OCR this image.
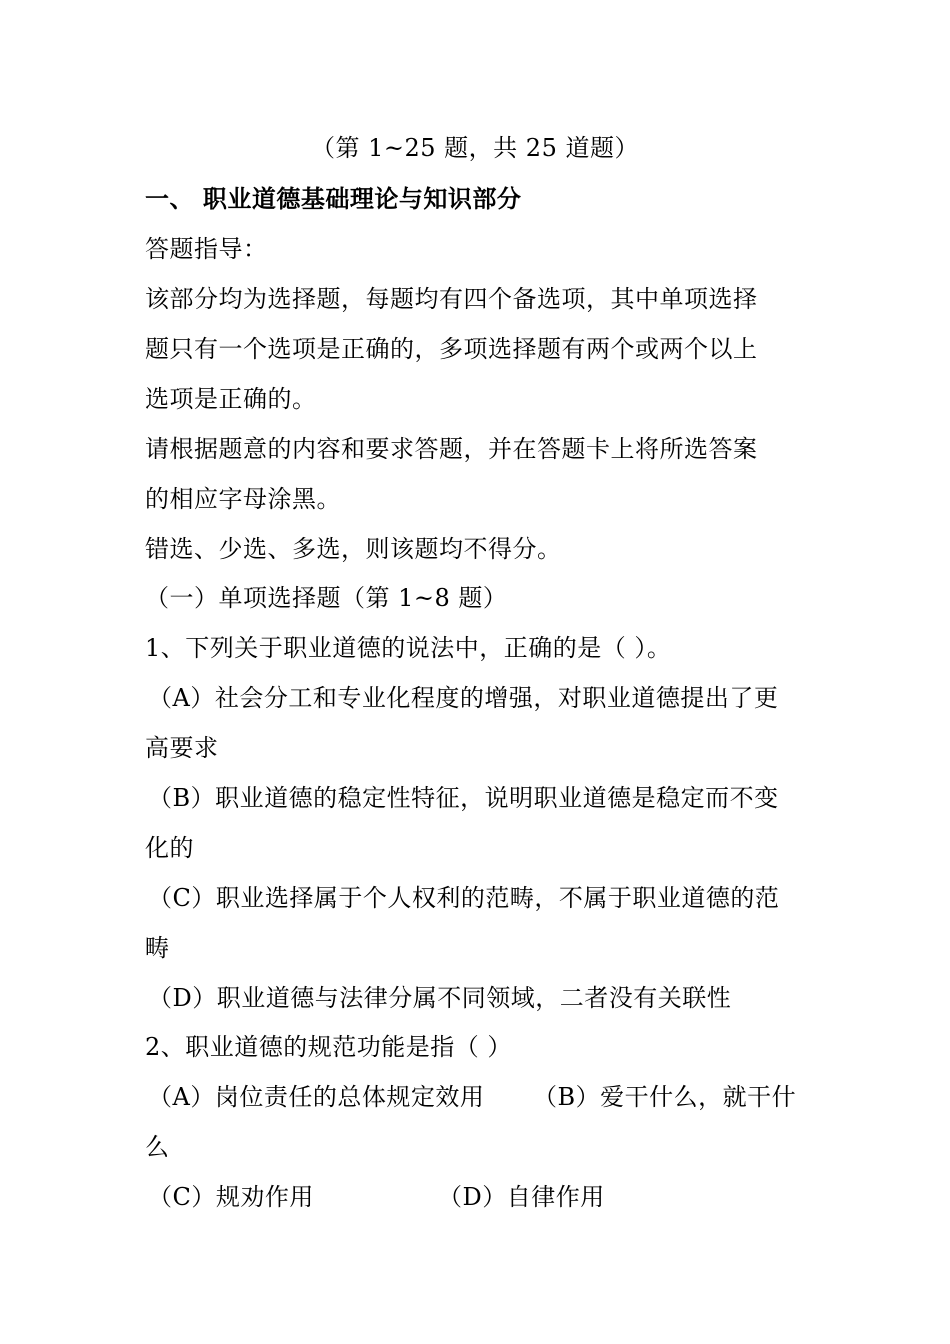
（第 1~25 题，共 25 道题）
一、 职业道德基础理论与知识部分
答题指导：
该部分均为选择题，每题均有四个备选项，其中单项选择
题只有一个选项是正确的，多项选择题有两个或两个以上
选项是正确的。
请根据题意的内容和要求答题，并在答题卡上将所选答案
的相应字母涂黑。
错选、少选、多选，则该题均不得分。
（一）单项选择题（第 1~8 题）
1、下列关于职业道德的说法中，正确的是（ ）。
（A）社会分工和专业化程度的增强，对职业道德提出了更
高要求
（B）职业道德的稳定性特征，说明职业道德是稳定而不变
化的
（C）职业选择属于个人权利的范畴，不属于职业道德的范
畴
（D）职业道德与法律分属不同领域，二者没有关联性
2、职业道德的规范功能是指（ ）
（A）岗位责任的总体规定效用 （B）爱干什么，就干什
么
（C）规劝作用	（D）自律作用
